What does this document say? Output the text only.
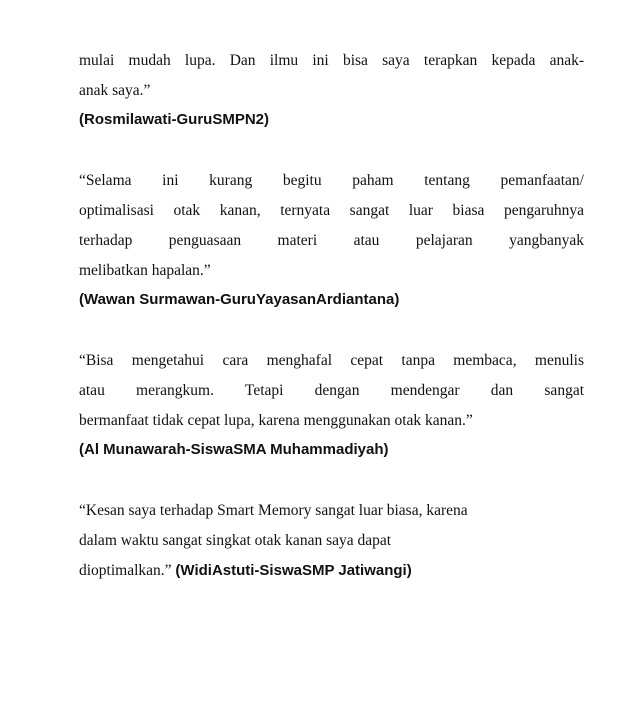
mulai mudah lupa. Dan ilmu ini bisa saya terapkan kepada anak-
anak saya.”
(Rosmilawati-GuruSMPN2)
“Selama ini kurang begitu paham tentang pemanfaatan/
optimalisasi otak kanan, ternyata sangat luar biasa pengaruhnya
terhadap penguasaan materi atau pelajaran yangbanyak
melibatkan hapalan.”
(Wawan Surmawan-GuruYayasanArdiantana)
“Bisa mengetahui cara menghafal cepat tanpa membaca, menulis
atau merangkum. Tetapi dengan mendengar dan sangat
bermanfaat tidak cepat lupa, karena menggunakan otak kanan.”
(Al Munawarah-SiswaSMA Muhammadiyah)
“Kesan saya terhadap Smart Memory sangat luar biasa, karena
dalam waktu sangat singkat otak kanan saya dapat
dioptimalkan.” (WidiAstuti-SiswaSMP Jatiwangi)
